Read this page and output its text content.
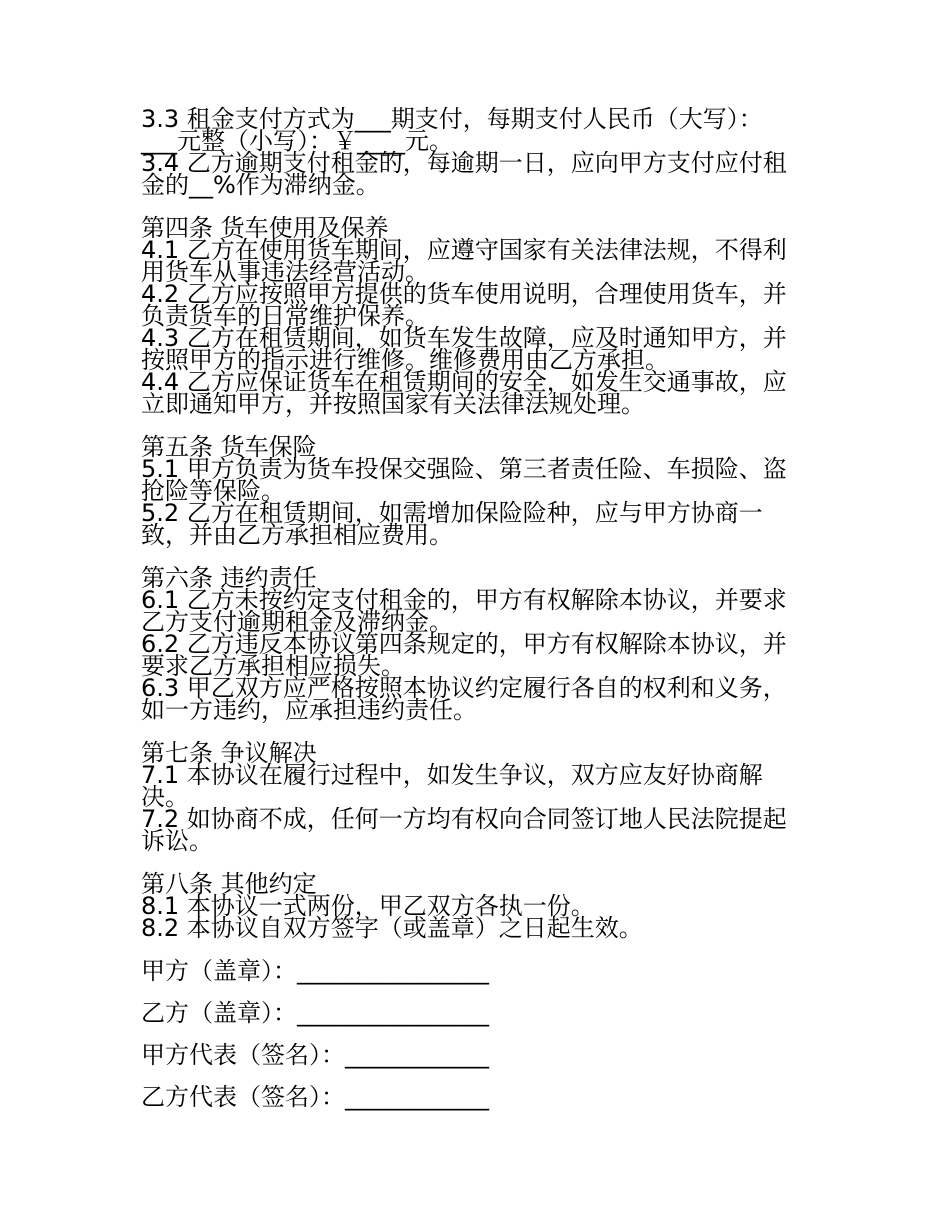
3.3 租金支付方式为___期支付，每期支付人民币（大写）：

___元整（小写）：￥____元。

3.4 乙方逾期支付租金的，每逾期一日，应向甲方支付应付租

金的__%作为滞纳金。

第四条 货车使用及保养

4.1 乙方在使用货车期间，应遵守国家有关法律法规，不得利

用货车从事违法经营活动。

4.2 乙方应按照甲方提供的货车使用说明，合理使用货车，并

负责货车的日常维护保养。

4.3 乙方在租赁期间，如货车发生故障，应及时通知甲方，并

按照甲方的指示进行维修。维修费用由乙方承担。

4.4 乙方应保证货车在租赁期间的安全，如发生交通事故，应

立即通知甲方，并按照国家有关法律法规处理。

第五条 货车保险

5.1 甲方负责为货车投保交强险、第三者责任险、车损险、盗

抢险等保险。

5.2 乙方在租赁期间，如需增加保险险种，应与甲方协商一

致，并由乙方承担相应费用。

第六条 违约责任

6.1 乙方未按约定支付租金的，甲方有权解除本协议，并要求

乙方支付逾期租金及滞纳金。

6.2 乙方违反本协议第四条规定的，甲方有权解除本协议，并

要求乙方承担相应损失。

6.3 甲乙双方应严格按照本协议约定履行各自的权利和义务，

如一方违约，应承担违约责任。

第七条 争议解决

7.1 本协议在履行过程中，如发生争议，双方应友好协商解

决。

7.2 如协商不成，任何一方均有权向合同签订地人民法院提起

诉讼。

第八条 其他约定

8.1 本协议一式两份，甲乙双方各执一份。

8.2 本协议自双方签字（或盖章）之日起生效。

甲方（盖章）：________________
乙方（盖章）：________________
甲方代表（签名）：____________
乙方代表（签名）：____________
